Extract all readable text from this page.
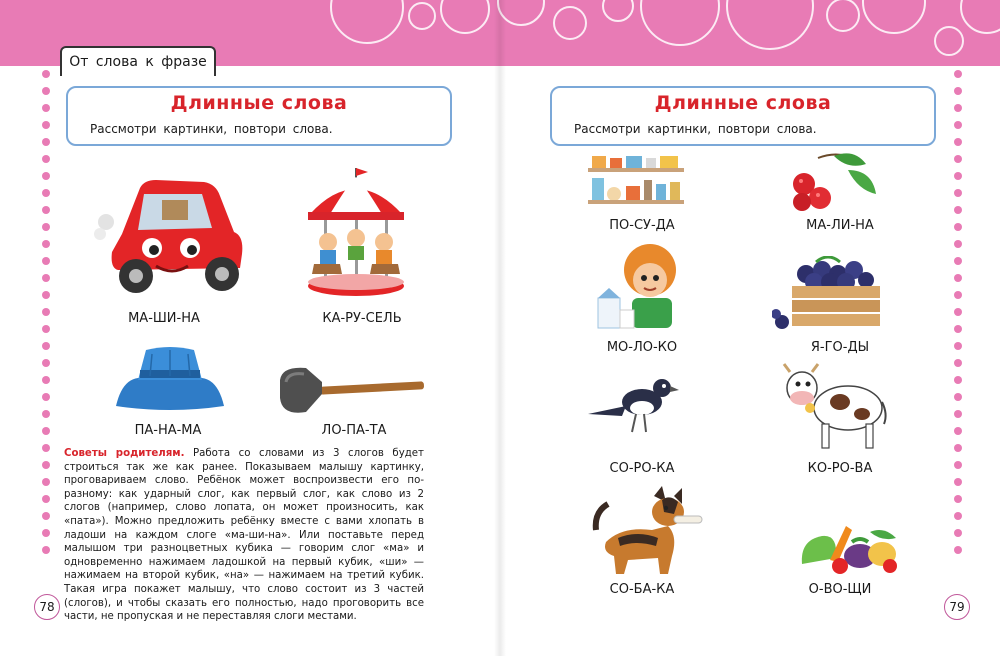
От слова к фразе
Длинные слова
Рассмотри картинки, повтори слова.
МА-ШИ-НА	КА-РУ-СЕЛЬ
ПА-НА-МА	ЛО-ПА-ТА
Советы родителям. Работа со словами из 3 слогов будет строиться так же как ранее. Показываем малышу картинку, проговариваем слово. Ребёнок может воспроизвести его по-разному: как ударный слог, как первый слог, как слово из 2 слогов (например, слово лопата, он может произносить, как «пата»). Можно предложить ребёнку вместе с вами хлопать в ладоши на каждом слоге «ма-ши-на». Или поставьте перед малышом три разноцветных кубика — говорим слог «ма» и одновременно нажимаем ладошкой на первый кубик, «ши» — нажимаем на второй кубик, «на» — нажимаем на третий кубик. Такая игра покажет малышу, что слово состоит из 3 частей (слогов), и чтобы сказать его полностью, надо проговорить все части, не пропуская и не переставляя слоги местами.
78
Длинные слова
Рассмотри картинки, повтори слова.
ПО-СУ-ДА	МА-ЛИ-НА
МО-ЛО-КО	Я-ГО-ДЫ
СО-РО-КА	КО-РО-ВА
СО-БА-КА	О-ВО-ЩИ
79
